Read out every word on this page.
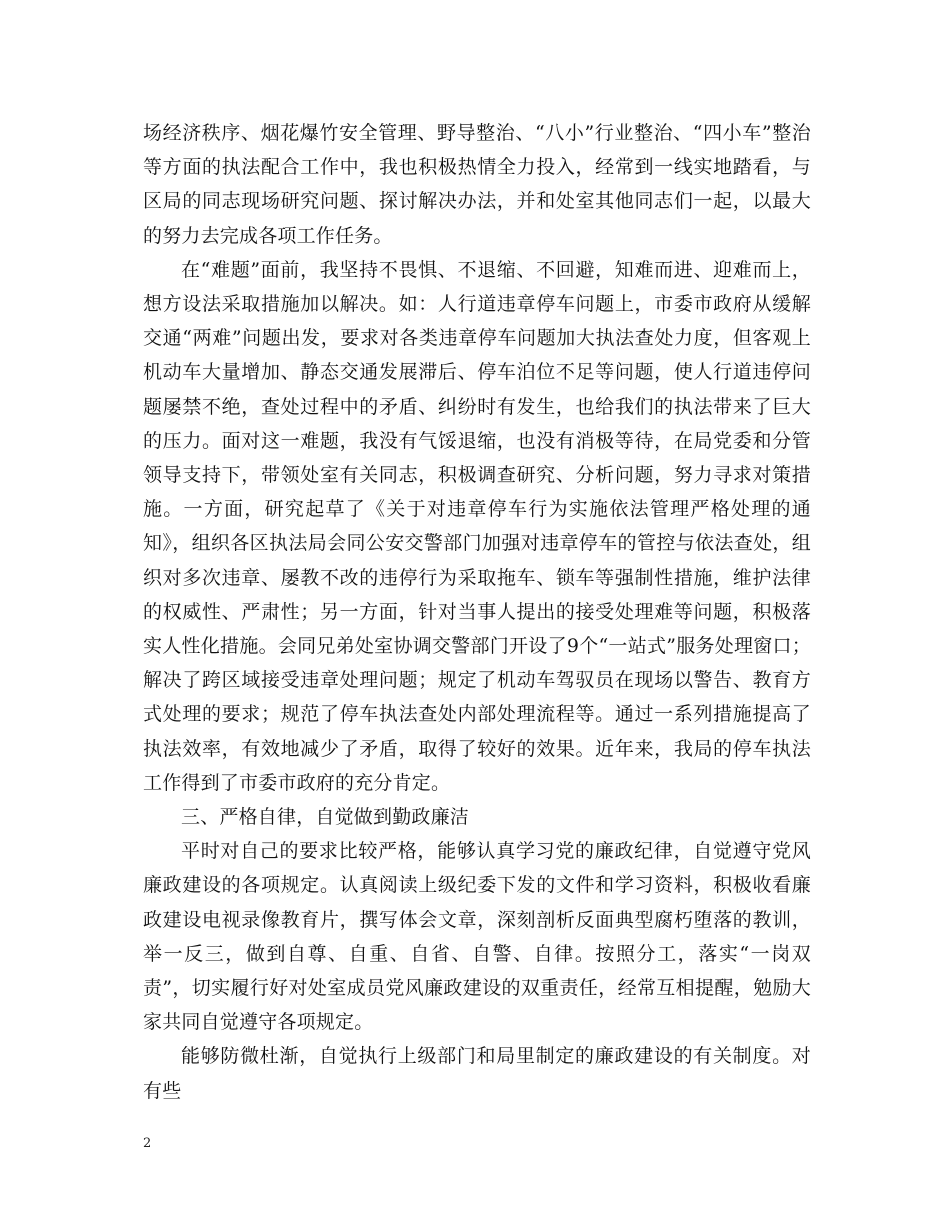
场经济秩序、烟花爆竹安全管理、野导整治、“八小”行业整治、“四小车”整治等方面的执法配合工作中，我也积极热情全力投入，经常到一线实地踏看，与区局的同志现场研究问题、探讨解决办法，并和处室其他同志们一起，以最大的努力去完成各项工作任务。

在“难题”面前，我坚持不畏惧、不退缩、不回避，知难而进、迎难而上，想方设法采取措施加以解决。如：人行道违章停车问题上，市委市政府从缓解交通“两难”问题出发，要求对各类违章停车问题加大执法查处力度，但客观上机动车大量增加、静态交通发展滞后、停车泊位不足等问题，使人行道违停问题屡禁不绝，查处过程中的矛盾、纠纷时有发生，也给我们的执法带来了巨大的压力。面对这一难题，我没有气馁退缩，也没有消极等待，在局党委和分管领导支持下，带领处室有关同志，积极调查研究、分析问题，努力寻求对策措施。一方面，研究起草了《关于对违章停车行为实施依法管理严格处理的通知》，组织各区执法局会同公安交警部门加强对违章停车的管控与依法查处，组织对多次违章、屡教不改的违停行为采取拖车、锁车等强制性措施，维护法律的权威性、严肃性；另一方面，针对当事人提出的接受处理难等问题，积极落实人性化措施。会同兄弟处室协调交警部门开设了9个“一站式”服务处理窗口；解决了跨区域接受违章处理问题；规定了机动车驾驭员在现场以警告、教育方式处理的要求；规范了停车执法查处内部处理流程等。通过一系列措施提高了执法效率，有效地减少了矛盾，取得了较好的效果。近年来，我局的停车执法工作得到了市委市政府的充分肯定。

三、严格自律，自觉做到勤政廉洁

平时对自己的要求比较严格，能够认真学习党的廉政纪律，自觉遵守党风廉政建设的各项规定。认真阅读上级纪委下发的文件和学习资料，积极收看廉政建设电视录像教育片，撰写体会文章，深刻剖析反面典型腐朽堕落的教训，举一反三，做到自尊、自重、自省、自警、自律。按照分工，落实“一岗双责”，切实履行好对处室成员党风廉政建设的双重责任，经常互相提醒，勉励大家共同自觉遵守各项规定。

能够防微杜渐，自觉执行上级部门和局里制定的廉政建设的有关制度。对有些

2
